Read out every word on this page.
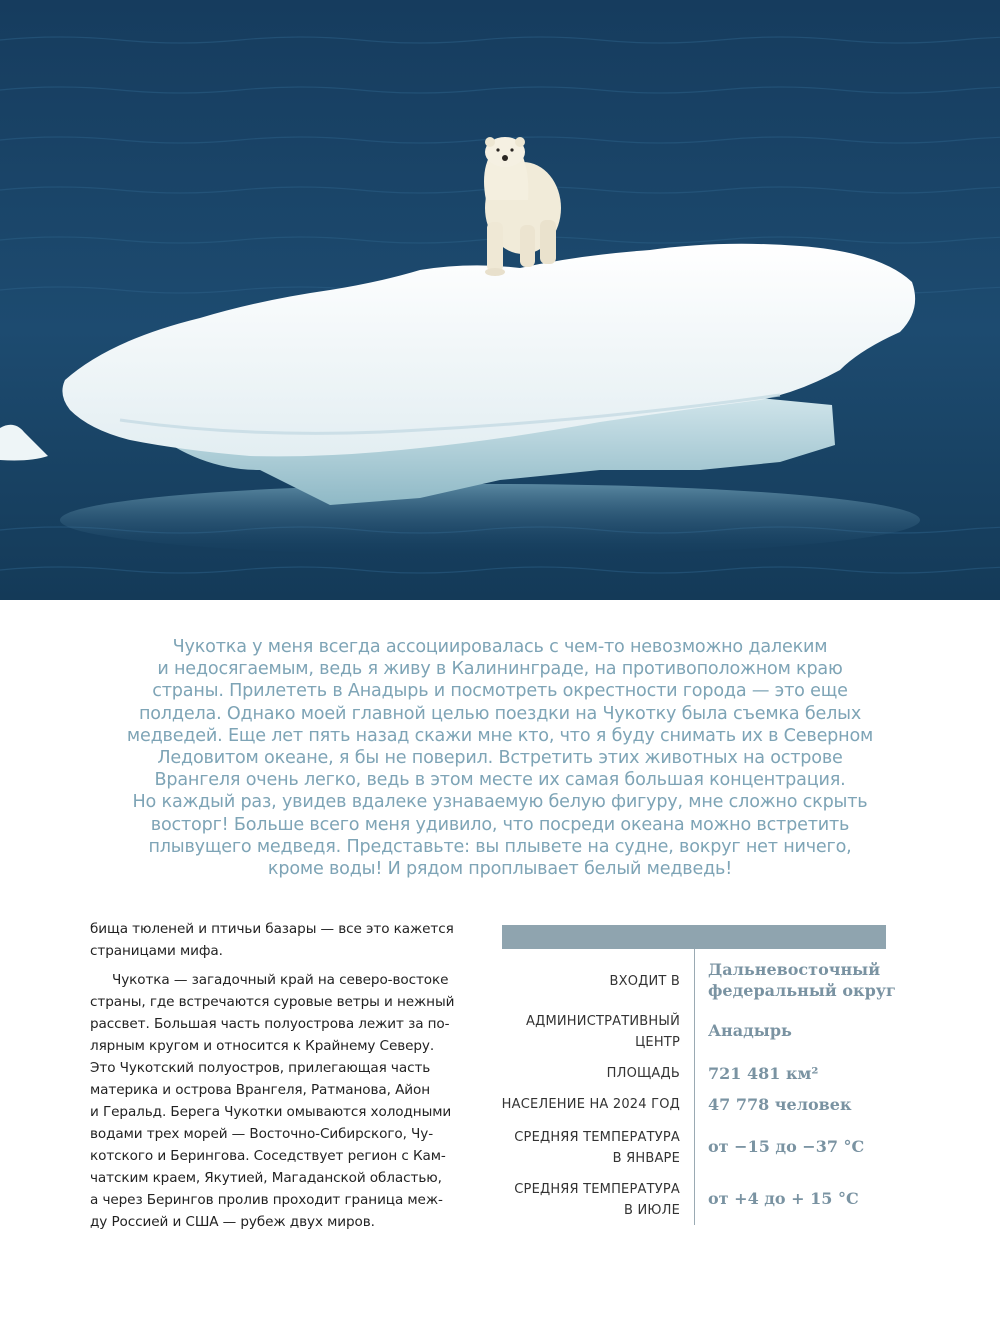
Чукотка у меня всегда ассоциировалась с чем-то невозможно далеким
и недосягаемым, ведь я живу в Калининграде, на противоположном краю
страны. Прилететь в Анадырь и посмотреть окрестности города — это еще
полдела. Однако моей главной целью поездки на Чукотку была съемка белых
медведей. Еще лет пять назад скажи мне кто, что я буду снимать их в Северном
Ледовитом океане, я бы не поверил. Встретить этих животных на острове
Врангеля очень легко, ведь в этом месте их самая большая концентрация.
Но каждый раз, увидев вдалеке узнаваемую белую фигуру, мне сложно скрыть
восторг! Больше всего меня удивило, что посреди океана можно встретить
плывущего медведя. Представьте: вы плывете на судне, вокруг нет ничего,
кроме воды! И рядом проплывает белый медведь!
бища тюленей и птичьи базары — все это кажется
страницами мифа.
Чукотка — загадочный край на северо-востоке
страны, где встречаются суровые ветры и нежный
рассвет. Большая часть полуострова лежит за по-
лярным кругом и относится к Крайнему Северу.
Это Чукотский полуостров, прилегающая часть
материка и острова Врангеля, Ратманова, Айон
и Геральд. Берега Чукотки омываются холодными
водами трех морей — Восточно-Сибирского, Чу-
котского и Берингова. Соседствует регион с Кам-
чатским краем, Якутией, Магаданской областью,
а через Берингов пролив проходит граница меж-
ду Россией и США — рубеж двух миров.
ВХОДИТ В
Дальневосточный
федеральный округ
АДМИНИСТРАТИВНЫЙ
ЦЕНТР
Анадырь
ПЛОЩАДЬ 721 481 км²
НАСЕЛЕНИЕ НА 2024 ГОД 47 778 человек
СРЕДНЯЯ ТЕМПЕРАТУРА
В ЯНВАРЕ
от −15 до −37 °C
СРЕДНЯЯ ТЕМПЕРАТУРА
В ИЮЛЕ
от +4 до + 15 °C
